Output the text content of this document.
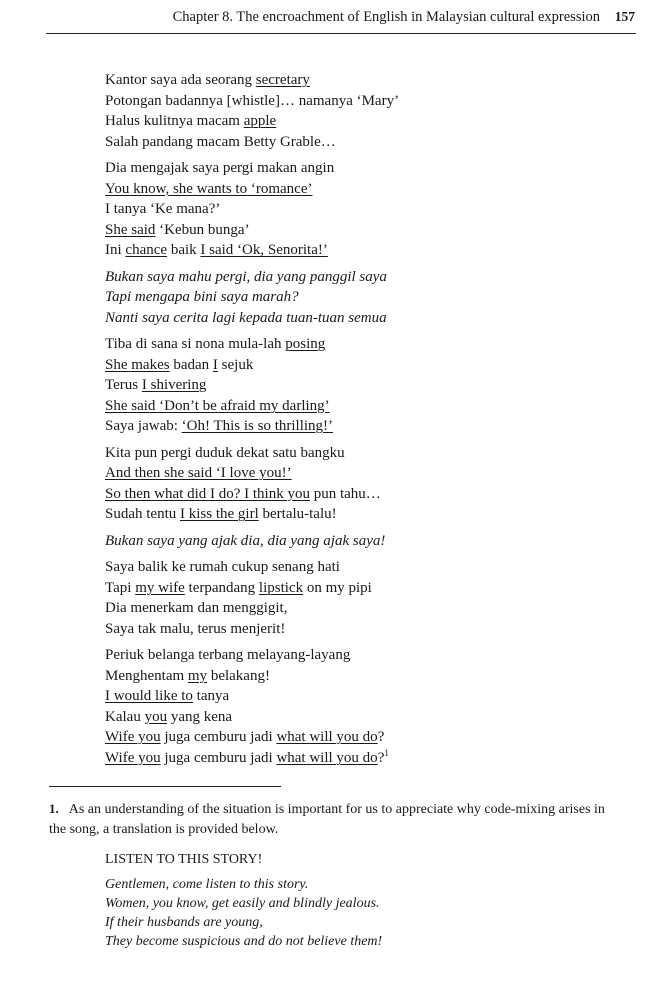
Chapter 8. The encroachment of English in Malaysian cultural expression 157
Kantor saya ada seorang secretary
Potongan badannya [whistle]… namanya ‘Mary’
Halus kulitnya macam apple
Salah pandang macam Betty Grable…
Dia mengajak saya pergi makan angin
You know, she wants to ‘romance’
I tanya ‘Ke mana?’
She said ‘Kebun bunga’
Ini chance baik I said ‘Ok, Senorita!’
Bukan saya mahu pergi, dia yang panggil saya
Tapi mengapa bini saya marah?
Nanti saya cerita lagi kepada tuan-tuan semua
Tiba di sana si nona mula-lah posing
She makes badan I sejuk
Terus I shivering
She said ‘Don’t be afraid my darling’
Saya jawab: ‘Oh! This is so thrilling!’
Kita pun pergi duduk dekat satu bangku
And then she said ‘I love you!’
So then what did I do? I think you pun tahu…
Sudah tentu I kiss the girl bertalu-talu!
Bukan saya yang ajak dia, dia yang ajak saya!
Saya balik ke rumah cukup senang hati
Tapi my wife terpandang lipstick on my pipi
Dia menerkam dan menggigit,
Saya tak malu, terus menjerit!
Periuk belanga terbang melayang-layang
Menghentam my belakang!
I would like to tanya
Kalau you yang kena
Wife you juga cemburu jadi what will you do?
Wife you juga cemburu jadi what will you do?$^1$
1. As an understanding of the situation is important for us to appreciate why code-mixing arises in the song, a translation is provided below.
LISTEN TO THIS STORY!
Gentlemen, come listen to this story.
Women, you know, get easily and blindly jealous.
If their husbands are young,
They become suspicious and do not believe them!
